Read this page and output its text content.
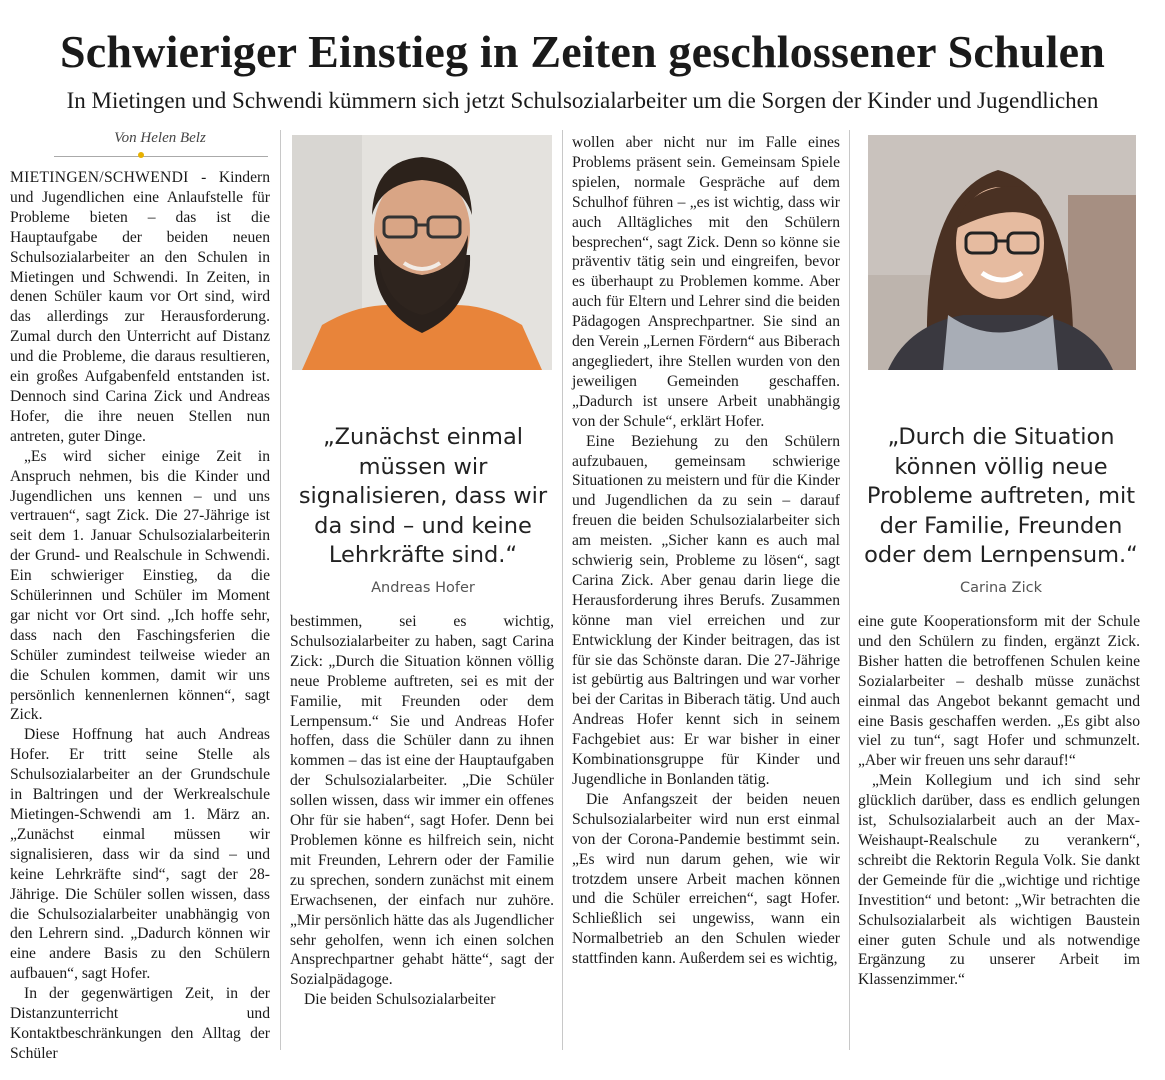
Schwieriger Einstieg in Zeiten geschlossener Schulen
In Mietingen und Schwendi kümmern sich jetzt Schulsozialarbeiter um die Sorgen der Kinder und Jugendlichen
Von Helen Belz

MIETINGEN/SCHWENDI - Kindern und Jugendlichen eine Anlaufstelle für Probleme bieten – das ist die Hauptaufgabe der beiden neuen Schulsozialarbeiter an den Schulen in Mietingen und Schwendi. In Zeiten, in denen Schüler kaum vor Ort sind, wird das allerdings zur Herausforderung. Zumal durch den Unterricht auf Distanz und die Probleme, die daraus resultieren, ein großes Aufgabenfeld entstanden ist. Dennoch sind Carina Zick und Andreas Hofer, die ihre neuen Stellen nun antreten, guter Dinge.

„Es wird sicher einige Zeit in Anspruch nehmen, bis die Kinder und Jugendlichen uns kennen – und uns vertrauen“, sagt Zick. Die 27-Jährige ist seit dem 1. Januar Schulsozialarbeiterin der Grund- und Realschule in Schwendi. Ein schwieriger Einstieg, da die Schülerinnen und Schüler im Moment gar nicht vor Ort sind. „Ich hoffe sehr, dass nach den Faschingsferien die Schüler zumindest teilweise wieder an die Schulen kommen, damit wir uns persönlich kennenlernen können“, sagt Zick.

Diese Hoffnung hat auch Andreas Hofer. Er tritt seine Stelle als Schulsozialarbeiter an der Grundschule in Baltringen und der Werkrealschule Mietingen-Schwendi am 1. März an. „Zunächst einmal müssen wir signalisieren, dass wir da sind – und keine Lehrkräfte sind“, sagt der 28-Jährige. Die Schüler sollen wissen, dass die Schulsozialarbeiter unabhängig von den Lehrern sind. „Dadurch können wir eine andere Basis zu den Schülern aufbauen“, sagt Hofer.

In der gegenwärtigen Zeit, in der Distanzunterricht und Kontaktbeschränkungen den Alltag der Schüler

„Zunächst einmal müssen wir signalisieren, dass wir da sind – und keine Lehrkräfte sind.“
Andreas Hofer

bestimmen, sei es wichtig, Schulsozialarbeiter zu haben, sagt Carina Zick: „Durch die Situation können völlig neue Probleme auftreten, sei es mit der Familie, mit Freunden oder dem Lernpensum.“ Sie und Andreas Hofer hoffen, dass die Schüler dann zu ihnen kommen – das ist eine der Hauptaufgaben der Schulsozialarbeiter. „Die Schüler sollen wissen, dass wir immer ein offenes Ohr für sie haben“, sagt Hofer. Denn bei Problemen könne es hilfreich sein, nicht mit Freunden, Lehrern oder der Familie zu sprechen, sondern zunächst mit einem Erwachsenen, der einfach nur zuhöre. „Mir persönlich hätte das als Jugendlicher sehr geholfen, wenn ich einen solchen Ansprechpartner gehabt hätte“, sagt der Sozialpädagoge.

Die beiden Schulsozialarbeiter

wollen aber nicht nur im Falle eines Problems präsent sein. Gemeinsam Spiele spielen, normale Gespräche auf dem Schulhof führen – „es ist wichtig, dass wir auch Alltägliches mit den Schülern besprechen“, sagt Zick. Denn so könne sie präventiv tätig sein und eingreifen, bevor es überhaupt zu Problemen komme. Aber auch für Eltern und Lehrer sind die beiden Pädagogen Ansprechpartner. Sie sind an den Verein „Lernen Fördern“ aus Biberach angegliedert, ihre Stellen wurden von den jeweiligen Gemeinden geschaffen. „Dadurch ist unsere Arbeit unabhängig von der Schule“, erklärt Hofer.

Eine Beziehung zu den Schülern aufzubauen, gemeinsam schwierige Situationen zu meistern und für die Kinder und Jugendlichen da zu sein – darauf freuen die beiden Schulsozialarbeiter sich am meisten. „Sicher kann es auch mal schwierig sein, Probleme zu lösen“, sagt Carina Zick. Aber genau darin liege die Herausforderung ihres Berufs. Zusammen könne man viel erreichen und zur Entwicklung der Kinder beitragen, das ist für sie das Schönste daran. Die 27-Jährige ist gebürtig aus Baltringen und war vorher bei der Caritas in Biberach tätig. Und auch Andreas Hofer kennt sich in seinem Fachgebiet aus: Er war bisher in einer Kombinationsgruppe für Kinder und Jugendliche in Bonlanden tätig.

Die Anfangszeit der beiden neuen Schulsozialarbeiter wird nun erst einmal von der Corona-Pandemie bestimmt sein. „Es wird nun darum gehen, wie wir trotzdem unsere Arbeit machen können und die Schüler erreichen“, sagt Hofer. Schließlich sei ungewiss, wann ein Normalbetrieb an den Schulen wieder stattfinden kann. Außerdem sei es wichtig,

„Durch die Situation können völlig neue Probleme auftreten, mit der Familie, Freunden oder dem Lernpensum.“
Carina Zick

eine gute Kooperationsform mit der Schule und den Schülern zu finden, ergänzt Zick. Bisher hatten die betroffenen Schulen keine Sozialarbeiter – deshalb müsse zunächst einmal das Angebot bekannt gemacht und eine Basis geschaffen werden. „Es gibt also viel zu tun“, sagt Hofer und schmunzelt. „Aber wir freuen uns sehr darauf!“

„Mein Kollegium und ich sind sehr glücklich darüber, dass es endlich gelungen ist, Schulsozialarbeit auch an der Max-Weishaupt-Realschule zu verankern“, schreibt die Rektorin Regula Volk. Sie dankt der Gemeinde für die „wichtige und richtige Investition“ und betont: „Wir betrachten die Schulsozialarbeit als wichtigen Baustein einer guten Schule und als notwendige Ergänzung zu unserer Arbeit im Klassenzimmer.“
